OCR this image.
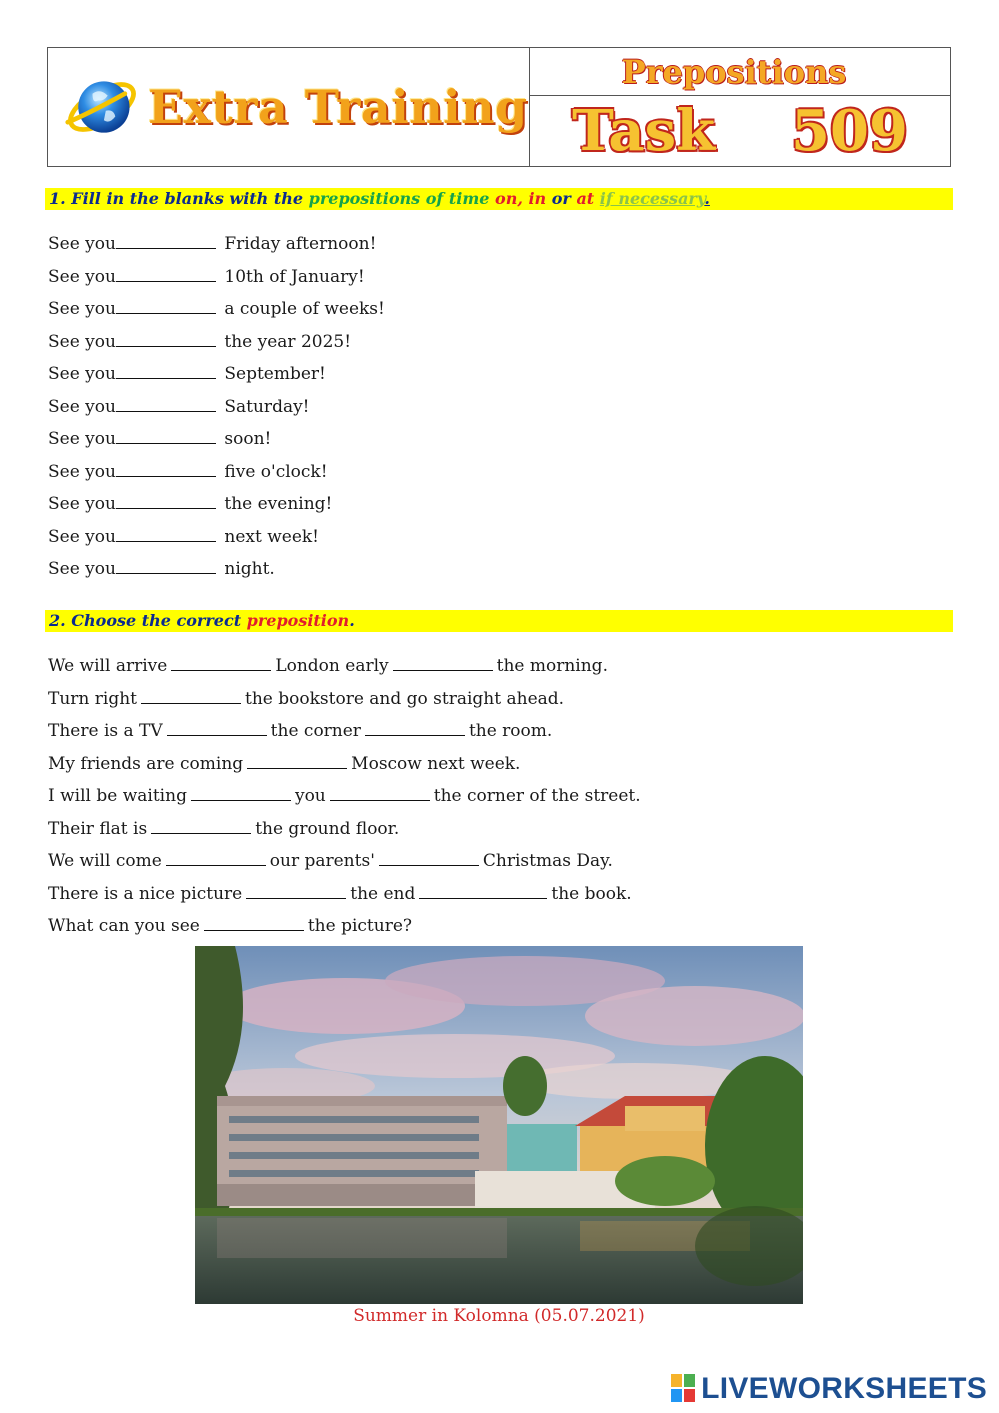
Extra Training
Prepositions
Task 509
1. Fill in the blanks with the prepositions of time on, in or at if necessary.
See you	Friday afternoon!
See you	10th of January!
See you	a couple of weeks!
See you	the year 2025!
See you	September!
See you	Saturday!
See you	soon!
See you	five o'clock!
See you	the evening!
See you	next week!
See you	night.
2. Choose the correct preposition.
We will arrive	London early	the morning.
Turn right	the bookstore and go straight ahead.
There is a TV	the corner	the room.
My friends are coming	Moscow next week.
I will be waiting	you	the corner of the street.
Their flat is	the ground floor.
We will come	our parents'	Christmas Day.
There is a nice picture	the end	the book.
What can you see	the picture?
Summer in Kolomna (05.07.2021)
LIVEWORKSHEETS
